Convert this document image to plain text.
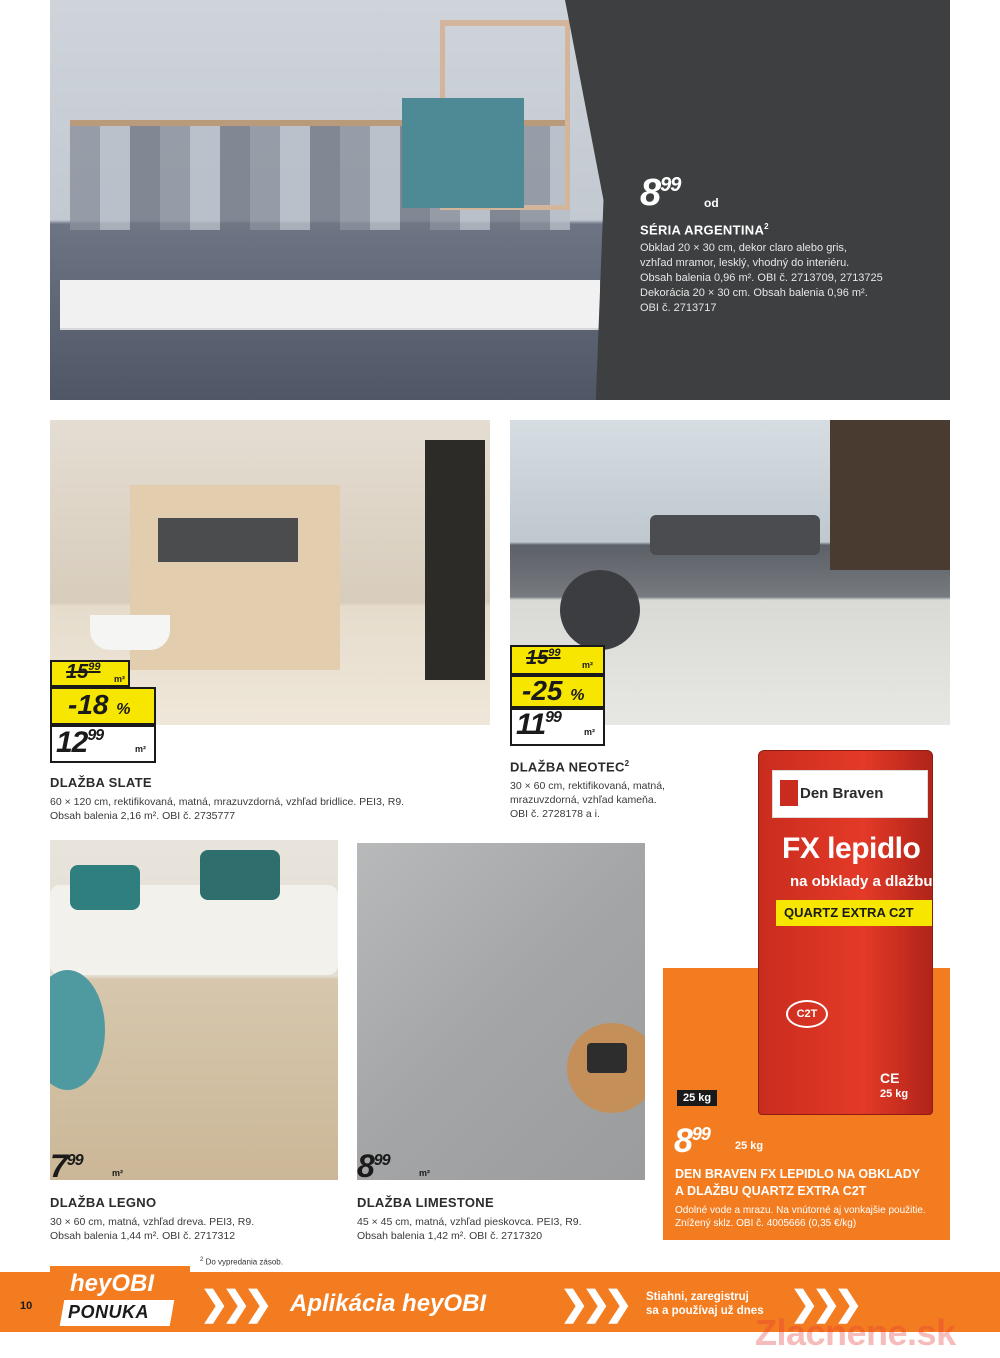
$8^{99}$
od
SÉRIA ARGENTINA$^2$
Obklad 20 × 30 cm, dekor claro alebo gris,
vzhľad mramor, lesklý, vhodný do interiéru.
Obsah balenia 0,96 m². OBI č. 2713709, 2713725
Dekorácia 20 × 30 cm. Obsah balenia 0,96 m².
OBI č. 2713717
$15^{99}$
m²
-18 %
$12^{99}$
m²
DLAŽBA SLATE
60 × 120 cm, rektifikovaná, matná, mrazuvzdorná, vzhľad bridlice. PEI3, R9.
Obsah balenia 2,16 m². OBI č. 2735777
$15^{99}$
m²
-25 %
$11^{99}$
m²
DLAŽBA NEOTEC$^2$
30 × 60 cm, rektifikovaná, matná,
mrazuvzdorná, vzhľad kameňa.
OBI č. 2728178 a i.
$7^{99}$
m²
DLAŽBA LEGNO
30 × 60 cm, matná, vzhľad dreva. PEI3, R9.
Obsah balenia 1,44 m². OBI č. 2717312
$8^{99}$
m²
DLAŽBA LIMESTONE
45 × 45 cm, matná, vzhľad pieskovca. PEI3, R9.
Obsah balenia 1,42 m². OBI č. 2717320
Den Braven
FX lepidlo
na obklady a dlažbu
QUARTZ EXTRA C2T
C2T
CE
25 kg
25 kg
$8^{99}$
25 kg
DEN BRAVEN FX LEPIDLO NA OBKLADY
A DLAŽBU QUARTZ EXTRA C2T
Odolné vode a mrazu. Na vnútorné aj vonkajšie použitie.
Znížený sklz. OBI č. 4005666 (0,35 €/kg)
$^2$ Do vypredania zásob.
10
heyOBI
PONUKA ❯
❯
❯ Aplikácia heyOBI ❯
❯
❯ Stiahni, zaregistruj
sa a používaj už dnes ❯
❯
❯
Zlacnene.sk
